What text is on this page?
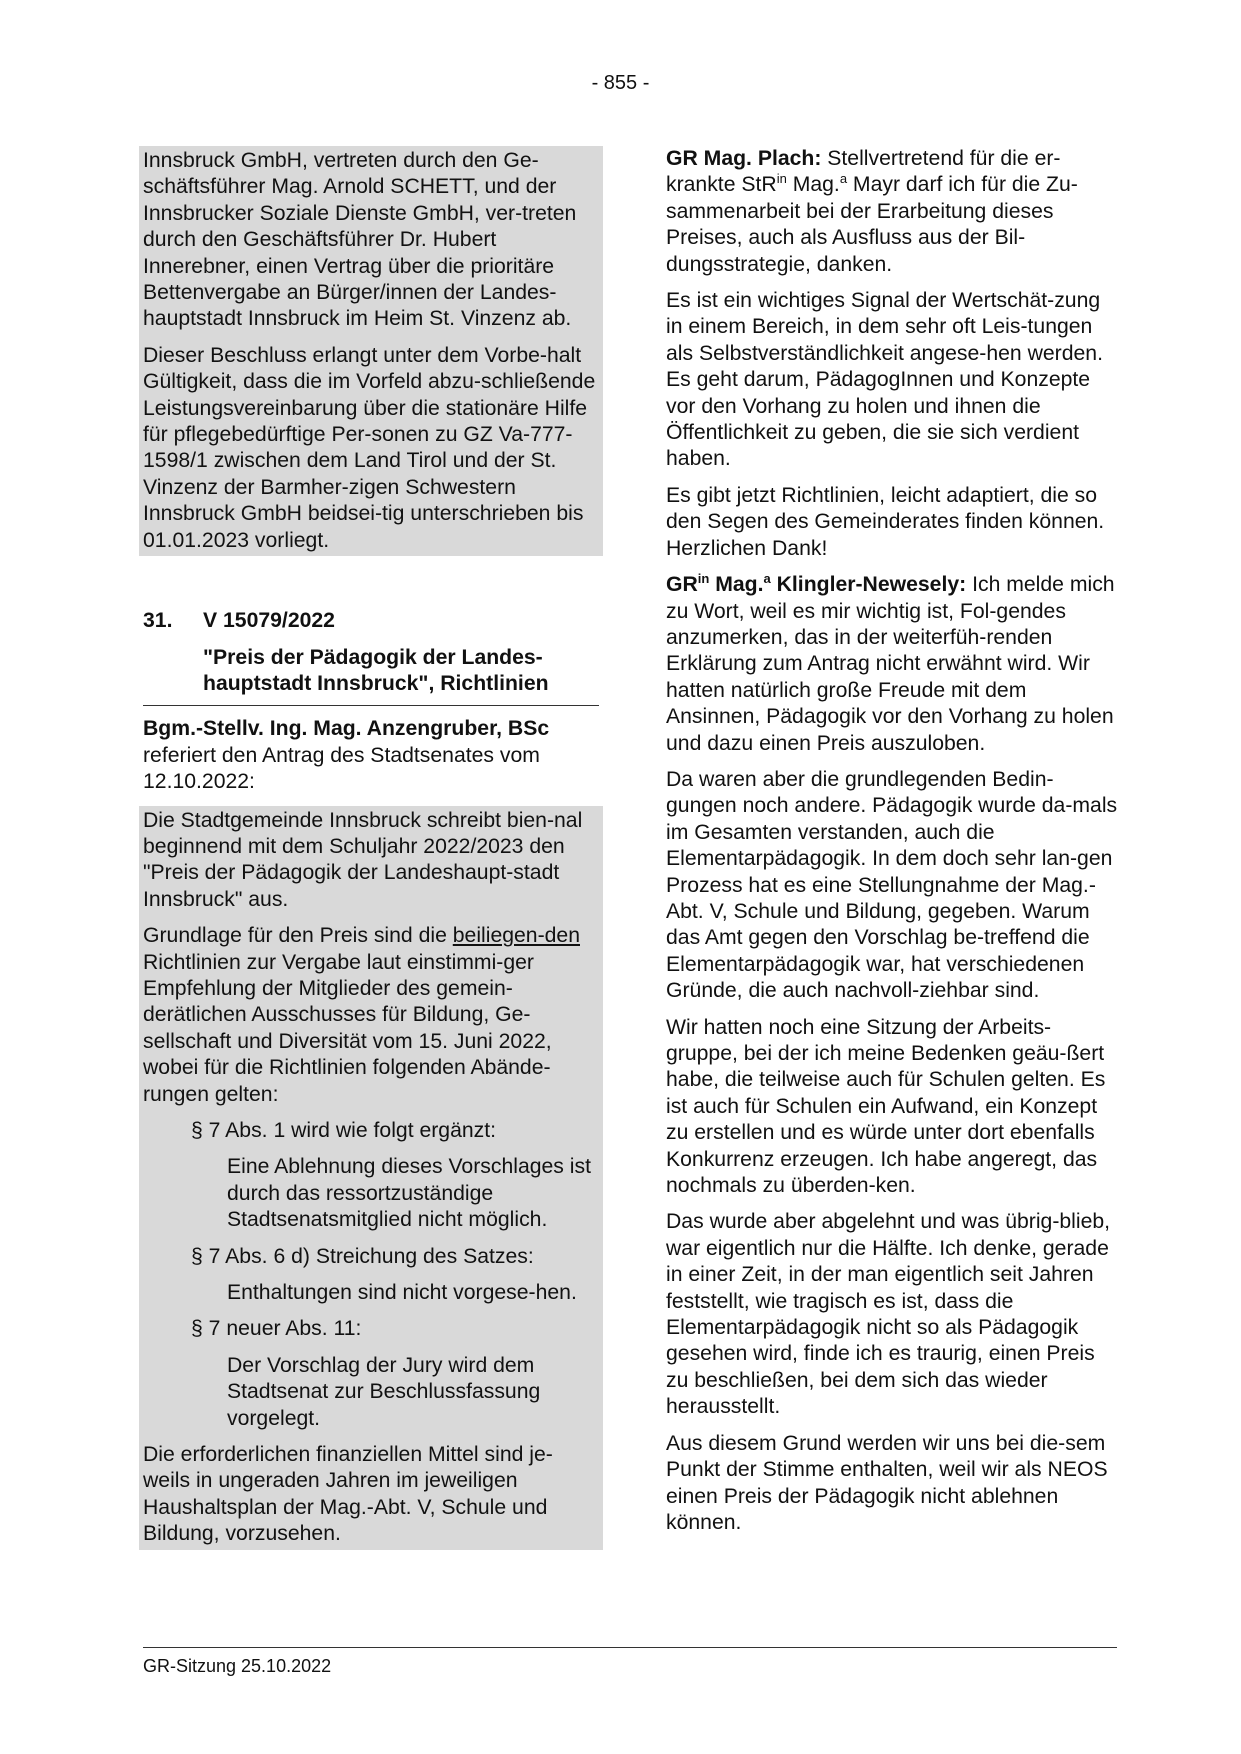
- 855 -

Innsbruck GmbH, vertreten durch den Ge-schäftsführer Mag. Arnold SCHETT, und der Innsbrucker Soziale Dienste GmbH, ver-treten durch den Geschäftsführer Dr. Hubert Innerebner, einen Vertrag über die prioritäre Bettenvergabe an Bürger/innen der Landes-hauptstadt Innsbruck im Heim St. Vinzenz ab.

Dieser Beschluss erlangt unter dem Vorbe-halt Gültigkeit, dass die im Vorfeld abzu-schließende Leistungsvereinbarung über die stationäre Hilfe für pflegebedürftige Per-sonen zu GZ Va-777-1598/1 zwischen dem Land Tirol und der St. Vinzenz der Barmher-zigen Schwestern Innsbruck GmbH beidsei-tig unterschrieben bis 01.01.2023 vorliegt.

31.	V 15079/2022
"Preis der Pädagogik der Landes-hauptstadt Innsbruck", Richtlinien

Bgm.-Stellv. Ing. Mag. Anzengruber, BSc
referiert den Antrag des Stadtsenates vom 12.10.2022:

Die Stadtgemeinde Innsbruck schreibt bien-nal beginnend mit dem Schuljahr 2022/2023 den "Preis der Pädagogik der Landeshaupt-stadt Innsbruck" aus.

Grundlage für den Preis sind die beiliegen-den Richtlinien zur Vergabe laut einstimmi-ger Empfehlung der Mitglieder des gemein-derätlichen Ausschusses für Bildung, Ge-sellschaft und Diversität vom 15. Juni 2022, wobei für die Richtlinien folgenden Abände-rungen gelten:

§ 7 Abs. 1 wird wie folgt ergänzt:

Eine Ablehnung dieses Vorschlages ist durch das ressortzuständige Stadtsenatsmitglied nicht möglich.

§ 7 Abs. 6 d) Streichung des Satzes:

Enthaltungen sind nicht vorgese-hen.

§ 7 neuer Abs. 11:

Der Vorschlag der Jury wird dem Stadtsenat zur Beschlussfassung vorgelegt.

Die erforderlichen finanziellen Mittel sind je-weils in ungeraden Jahren im jeweiligen Haushaltsplan der Mag.-Abt. V, Schule und Bildung, vorzusehen.

GR Mag. Plach: Stellvertretend für die er-krankte StR$^{in}$ Mag.$^a$ Mayr darf ich für die Zu-sammenarbeit bei der Erarbeitung dieses Preises, auch als Ausfluss aus der Bil-dungsstrategie, danken.

Es ist ein wichtiges Signal der Wertschät-zung in einem Bereich, in dem sehr oft Leis-tungen als Selbstverständlichkeit angese-hen werden. Es geht darum, PädagogInnen und Konzepte vor den Vorhang zu holen und ihnen die Öffentlichkeit zu geben, die sie sich verdient haben.

Es gibt jetzt Richtlinien, leicht adaptiert, die so den Segen des Gemeinderates finden können. Herzlichen Dank!

$GR^{in}$ Mag.$^a$ Klingler-Newesely: Ich melde mich zu Wort, weil es mir wichtig ist, Fol-gendes anzumerken, das in der weiterfüh-renden Erklärung zum Antrag nicht erwähnt wird. Wir hatten natürlich große Freude mit dem Ansinnen, Pädagogik vor den Vorhang zu holen und dazu einen Preis auszuloben.

Da waren aber die grundlegenden Bedin-gungen noch andere. Pädagogik wurde da-mals im Gesamten verstanden, auch die Elementarpädagogik. In dem doch sehr lan-gen Prozess hat es eine Stellungnahme der Mag.-Abt. V, Schule und Bildung, gegeben. Warum das Amt gegen den Vorschlag be-treffend die Elementarpädagogik war, hat verschiedenen Gründe, die auch nachvoll-ziehbar sind.

Wir hatten noch eine Sitzung der Arbeits-gruppe, bei der ich meine Bedenken geäu-ßert habe, die teilweise auch für Schulen gelten. Es ist auch für Schulen ein Aufwand, ein Konzept zu erstellen und es würde unter dort ebenfalls Konkurrenz erzeugen. Ich habe angeregt, das nochmals zu überden-ken.

Das wurde aber abgelehnt und was übrig-blieb, war eigentlich nur die Hälfte. Ich denke, gerade in einer Zeit, in der man eigentlich seit Jahren feststellt, wie tragisch es ist, dass die Elementarpädagogik nicht so als Pädagogik gesehen wird, finde ich es traurig, einen Preis zu beschließen, bei dem sich das wieder herausstellt.

Aus diesem Grund werden wir uns bei die-sem Punkt der Stimme enthalten, weil wir als NEOS einen Preis der Pädagogik nicht ablehnen können.

GR-Sitzung 25.10.2022
